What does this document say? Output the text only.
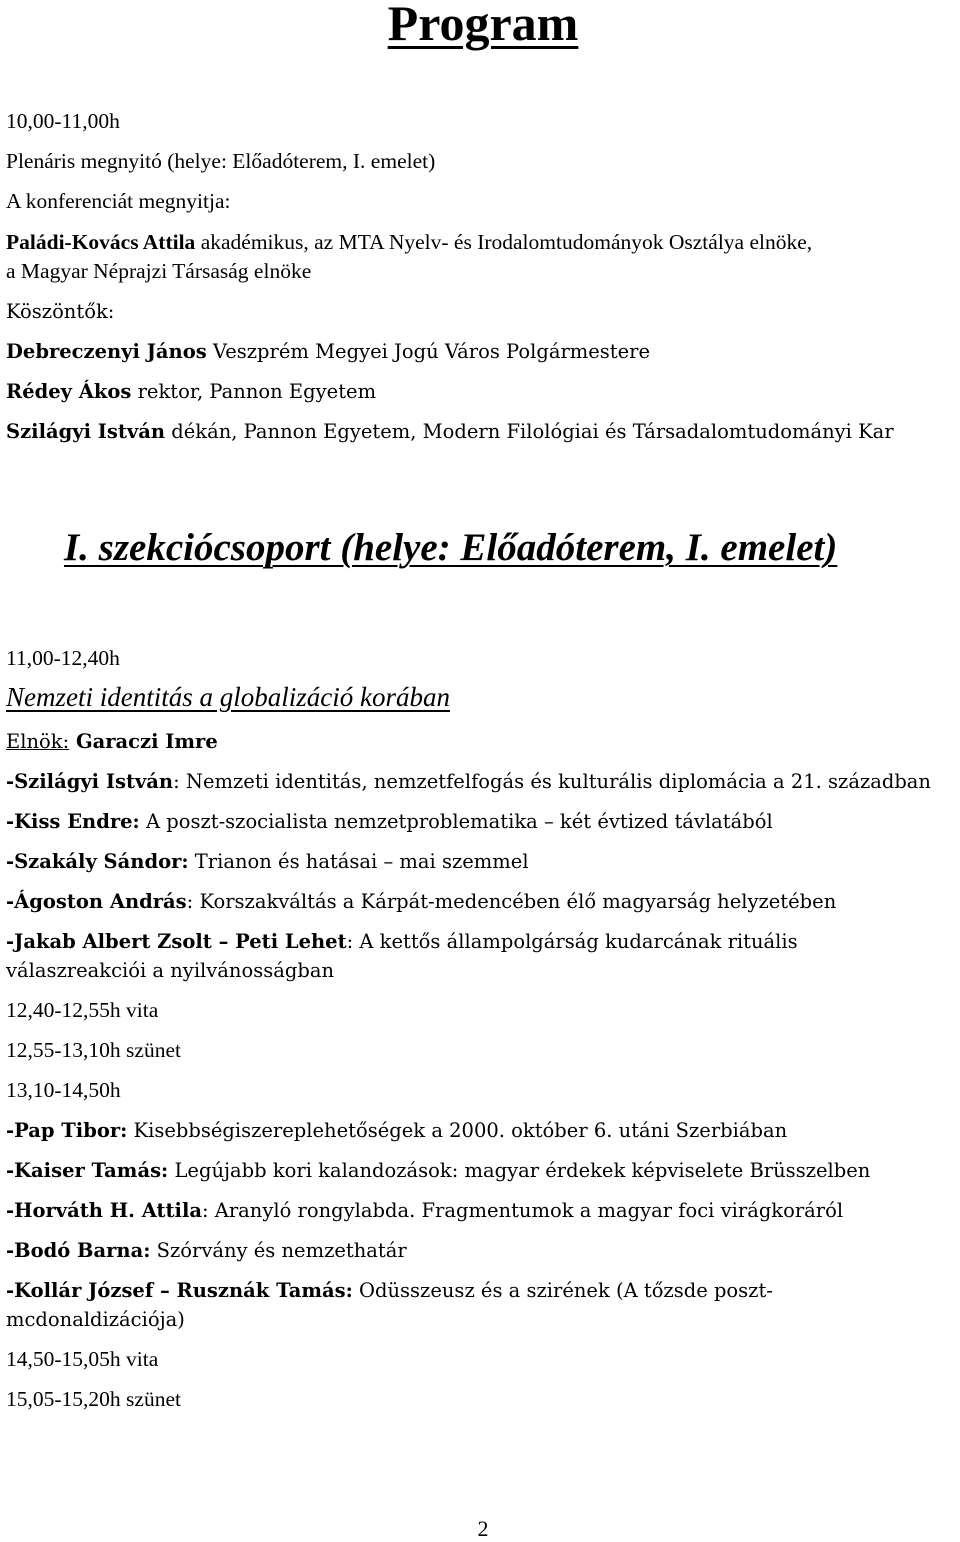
Program
10,00-11,00h
Plenáris megnyitó (helye: Előadóterem, I. emelet)
A konferenciát megnyitja:
Paládi-Kovács Attila akadémikus, az MTA Nyelv- és Irodalomtudományok Osztálya elnöke,
a Magyar Néprajzi Társaság elnöke
Köszöntők:
Debreczenyi János Veszprém Megyei Jogú Város Polgármestere
Rédey Ákos rektor, Pannon Egyetem
Szilágyi István dékán, Pannon Egyetem, Modern Filológiai és Társadalomtudományi Kar
I. szekciócsoport (helye: Előadóterem, I. emelet)
11,00-12,40h
Nemzeti identitás a globalizáció korában
Elnök: Garaczi Imre
-Szilágyi István: Nemzeti identitás, nemzetfelfogás és kulturális diplomácia a 21. században
-Kiss Endre: A poszt-szocialista nemzetproblematika – két évtized távlatából
-Szakály Sándor: Trianon és hatásai – mai szemmel
-Ágoston András: Korszakváltás a Kárpát-medencében élő magyarság helyzetében
-Jakab Albert Zsolt – Peti Lehet: A kettős állampolgárság kudarcának rituális
válaszreakciói a nyilvánosságban
12,40-12,55h vita
12,55-13,10h szünet
13,10-14,50h
-Pap Tibor: Kisebbségiszereplehetőségek a 2000. október 6. utáni Szerbiában
-Kaiser Tamás: Legújabb kori kalandozások: magyar érdekek képviselete Brüsszelben
-Horváth H. Attila: Aranyló rongylabda. Fragmentumok a magyar foci virágkoráról
-Bodó Barna: Szórvány és nemzethatár
-Kollár József – Rusznák Tamás: Odüsszeusz és a szirének (A tőzsde poszt-
mcdonaldizációja)
14,50-15,05h vita
15,05-15,20h szünet
2
